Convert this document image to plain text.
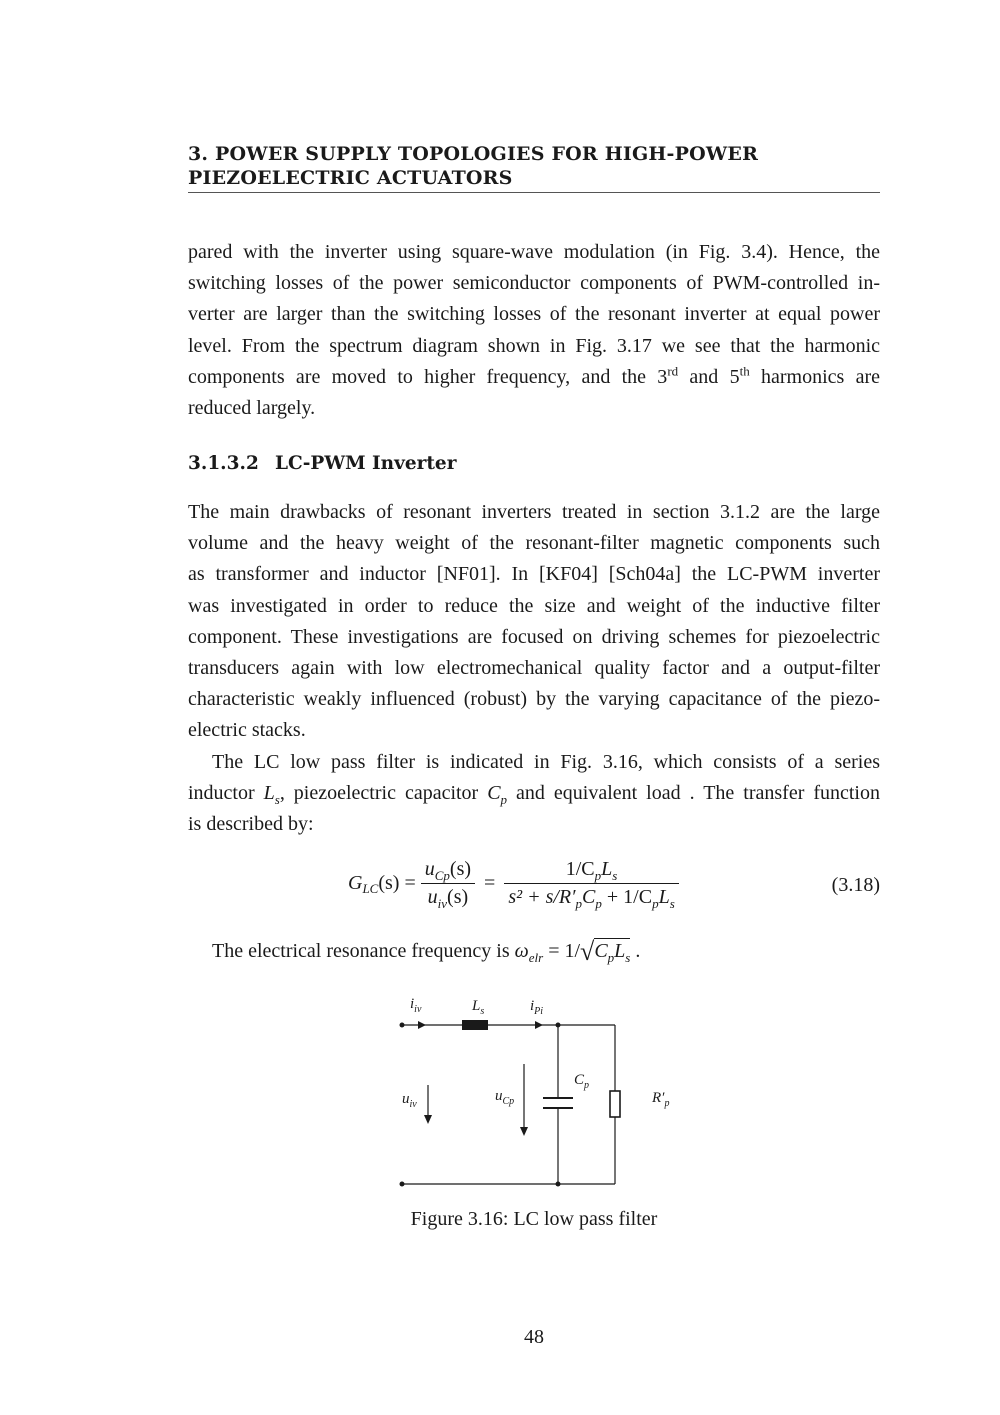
3. POWER SUPPLY TOPOLOGIES FOR HIGH-POWER
PIEZOELECTRIC ACTUATORS
pared with the inverter using square-wave modulation (in Fig. 3.4). Hence, the
switching losses of the power semiconductor components of PWM-controlled in-
verter are larger than the switching losses of the resonant inverter at equal power
level. From the spectrum diagram shown in Fig. 3.17 we see that the harmonic
components are moved to higher frequency, and the 3rd and 5th harmonics are
reduced largely.
3.1.3.2 LC-PWM Inverter
The main drawbacks of resonant inverters treated in section 3.1.2 are the large
volume and the heavy weight of the resonant-filter magnetic components such
as transformer and inductor [NF01]. In [KF04] [Sch04a] the LC-PWM inverter
was investigated in order to reduce the size and weight of the inductive filter
component. These investigations are focused on driving schemes for piezoelectric
transducers again with low electromechanical quality factor and a output-filter
characteristic weakly influenced (robust) by the varying capacitance of the piezo-
electric stacks.
The LC low pass filter is indicated in Fig. 3.16, which consists of a series
inductor $L_s$, piezoelectric capacitor $C_p$ and equivalent load . The transfer function
is described by:
$G_{LC}(s) = \frac{u_{Cp}(s)}{u_{iv}(s)} = \frac{1/C_pL_s}{s^2 + s/R'_pC_p + 1/C_pL_s}$	(3.18)
The electrical resonance frequency is $\omega_{elr} = 1/√C_pL_s$ .
$i_{iv}$	$L_s$	$i_{Pi}$
$u_{iv}$
$u_{Cp}$
$C_p$
$R'_p$
Figure 3.16: LC low pass filter
48
